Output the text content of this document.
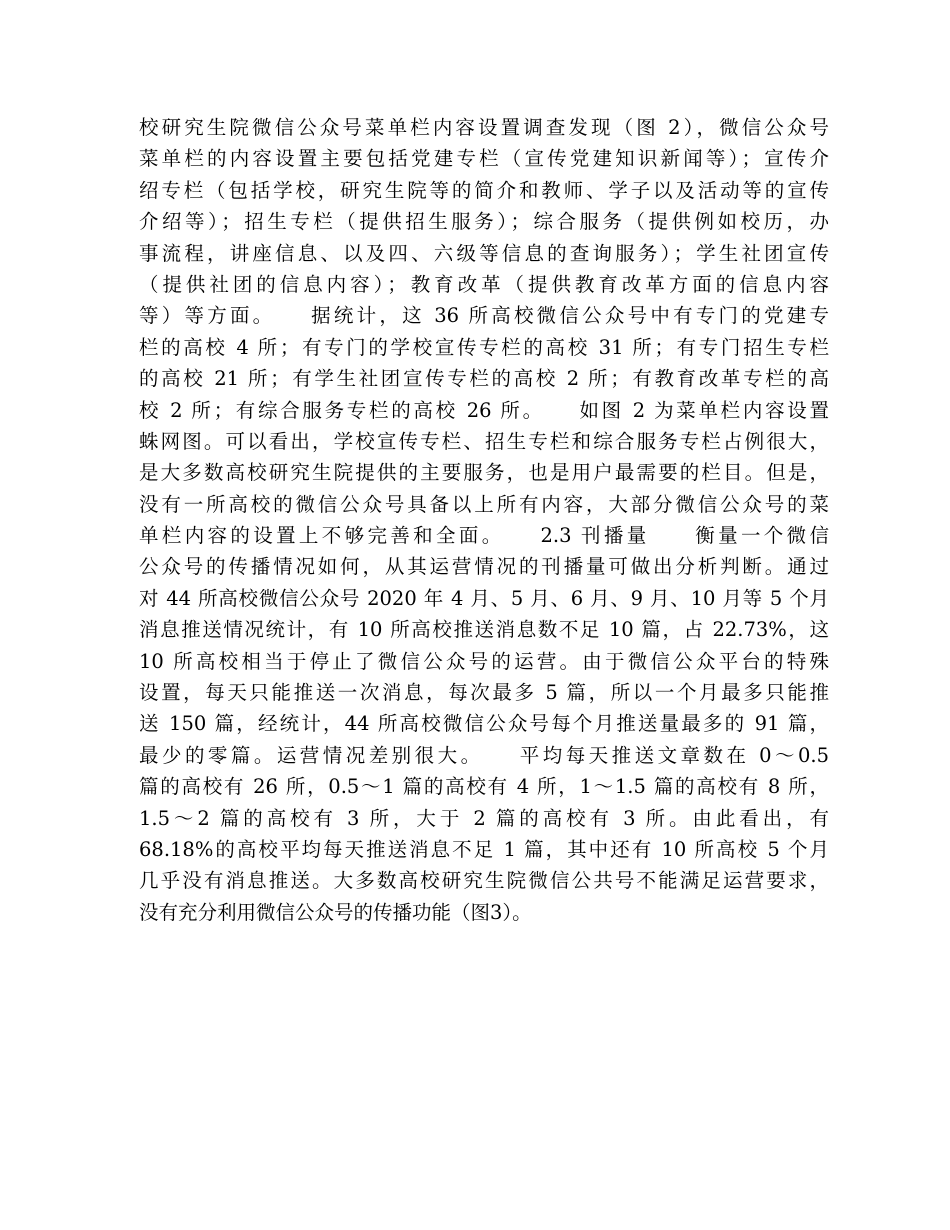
校研究生院微信公众号菜单栏内容设置调查发现（图 2），微信公众号
菜单栏的内容设置主要包括党建专栏（宣传党建知识新闻等）；宣传介
绍专栏（包括学校，研究生院等的简介和教师、学子以及活动等的宣传
介绍等）；招生专栏（提供招生服务）；综合服务（提供例如校历，办
事流程，讲座信息、以及四、六级等信息的查询服务）；学生社团宣传
（提供社团的信息内容）；教育改革（提供教育改革方面的信息内容
等）等方面。　　据统计，这 36 所高校微信公众号中有专门的党建专
栏的高校 4 所；有专门的学校宣传专栏的高校 31 所；有专门招生专栏
的高校 21 所；有学生社团宣传专栏的高校 2 所；有教育改革专栏的高
校 2 所；有综合服务专栏的高校 26 所。　　如图 2 为菜单栏内容设置
蛛网图。可以看出，学校宣传专栏、招生专栏和综合服务专栏占例很大，
是大多数高校研究生院提供的主要服务，也是用户最需要的栏目。但是，
没有一所高校的微信公众号具备以上所有内容，大部分微信公众号的菜
单栏内容的设置上不够完善和全面。　　2.3 刊播量　　衡量一个微信
公众号的传播情况如何，从其运营情况的刊播量可做出分析判断。通过
对 44 所高校微信公众号 2020 年 4 月、5 月、6 月、9 月、10 月等 5 个月
消息推送情况统计，有 10 所高校推送消息数不足 10 篇，占 22.73%，这
10 所高校相当于停止了微信公众号的运营。由于微信公众平台的特殊
设置，每天只能推送一次消息，每次最多 5 篇，所以一个月最多只能推
送 150 篇，经统计，44 所高校微信公众号每个月推送量最多的 91 篇，
最少的零篇。运营情况差别很大。　　平均每天推送文章数在 0～0.5
篇的高校有 26 所，0.5～1 篇的高校有 4 所，1～1.5 篇的高校有 8 所，
1.5～2 篇的高校有 3 所，大于 2 篇的高校有 3 所。由此看出，有
68.18%的高校平均每天推送消息不足 1 篇，其中还有 10 所高校 5 个月
几乎没有消息推送。大多数高校研究生院微信公共号不能满足运营要求，
没有充分利用微信公众号的传播功能（图3）。
